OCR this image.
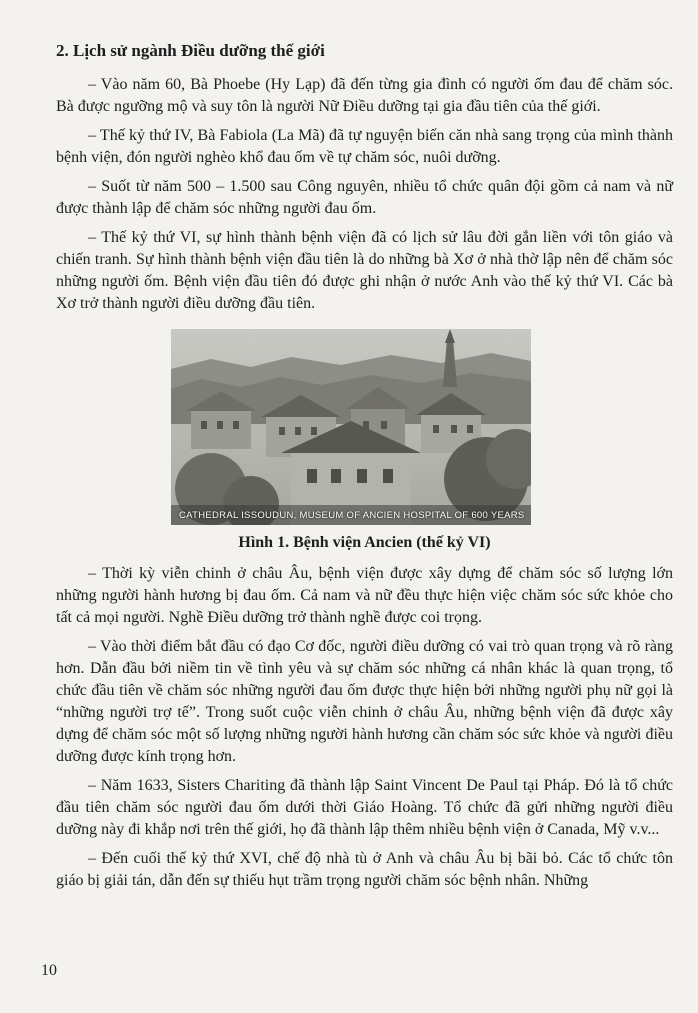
2. Lịch sử ngành Điều dưỡng thế giới

– Vào năm 60, Bà Phoebe (Hy Lạp) đã đến từng gia đình có người ốm đau để chăm sóc. Bà được ngưỡng mộ và suy tôn là người Nữ Điều dưỡng tại gia đầu tiên của thế giới.

– Thế kỷ thứ IV, Bà Fabiola (La Mã) đã tự nguyện biến căn nhà sang trọng của mình thành bệnh viện, đón người nghèo khổ đau ốm về tự chăm sóc, nuôi dưỡng.

– Suốt từ năm 500 – 1.500 sau Công nguyên, nhiều tổ chức quân đội gồm cả nam và nữ được thành lập để chăm sóc những người đau ốm.

– Thế kỷ thứ VI, sự hình thành bệnh viện đã có lịch sử lâu đời gắn liền với tôn giáo và chiến tranh. Sự hình thành bệnh viện đầu tiên là do những bà Xơ ở nhà thờ lập nên để chăm sóc những người ốm. Bệnh viện đầu tiên đó được ghi nhận ở nước Anh vào thế kỷ thứ VI. Các bà Xơ trở thành người điều dưỡng đầu tiên.

CATHEDRAL ISSOUDUN, MUSEUM OF ANCIEN HOSPITAL OF 600 YEARS
Hình 1. Bệnh viện Ancien (thế kỷ VI)

– Thời kỳ viễn chinh ở châu Âu, bệnh viện được xây dựng để chăm sóc số lượng lớn những người hành hương bị đau ốm. Cả nam và nữ đều thực hiện việc chăm sóc sức khỏe cho tất cả mọi người. Nghề Điều dưỡng trở thành nghề được coi trọng.

– Vào thời điểm bắt đầu có đạo Cơ đốc, người điều dưỡng có vai trò quan trọng và rõ ràng hơn. Dẫn đầu bởi niềm tin về tình yêu và sự chăm sóc những cá nhân khác là quan trọng, tổ chức đầu tiên về chăm sóc những người đau ốm được thực hiện bởi những người phụ nữ gọi là “những người trợ tế”. Trong suốt cuộc viễn chinh ở châu Âu, những bệnh viện đã được xây dựng để chăm sóc một số lượng những người hành hương cần chăm sóc sức khỏe và người điều dưỡng được kính trọng hơn.

– Năm 1633, Sisters Chariting đã thành lập Saint Vincent De Paul tại Pháp. Đó là tổ chức đầu tiên chăm sóc người đau ốm dưới thời Giáo Hoàng. Tổ chức đã gửi những người điều dưỡng này đi khắp nơi trên thế giới, họ đã thành lập thêm nhiều bệnh viện ở Canada, Mỹ v.v...

– Đến cuối thế kỷ thứ XVI, chế độ nhà tù ở Anh và châu Âu bị bãi bỏ. Các tổ chức tôn giáo bị giải tán, dẫn đến sự thiếu hụt trầm trọng người chăm sóc bệnh nhân. Những

10
